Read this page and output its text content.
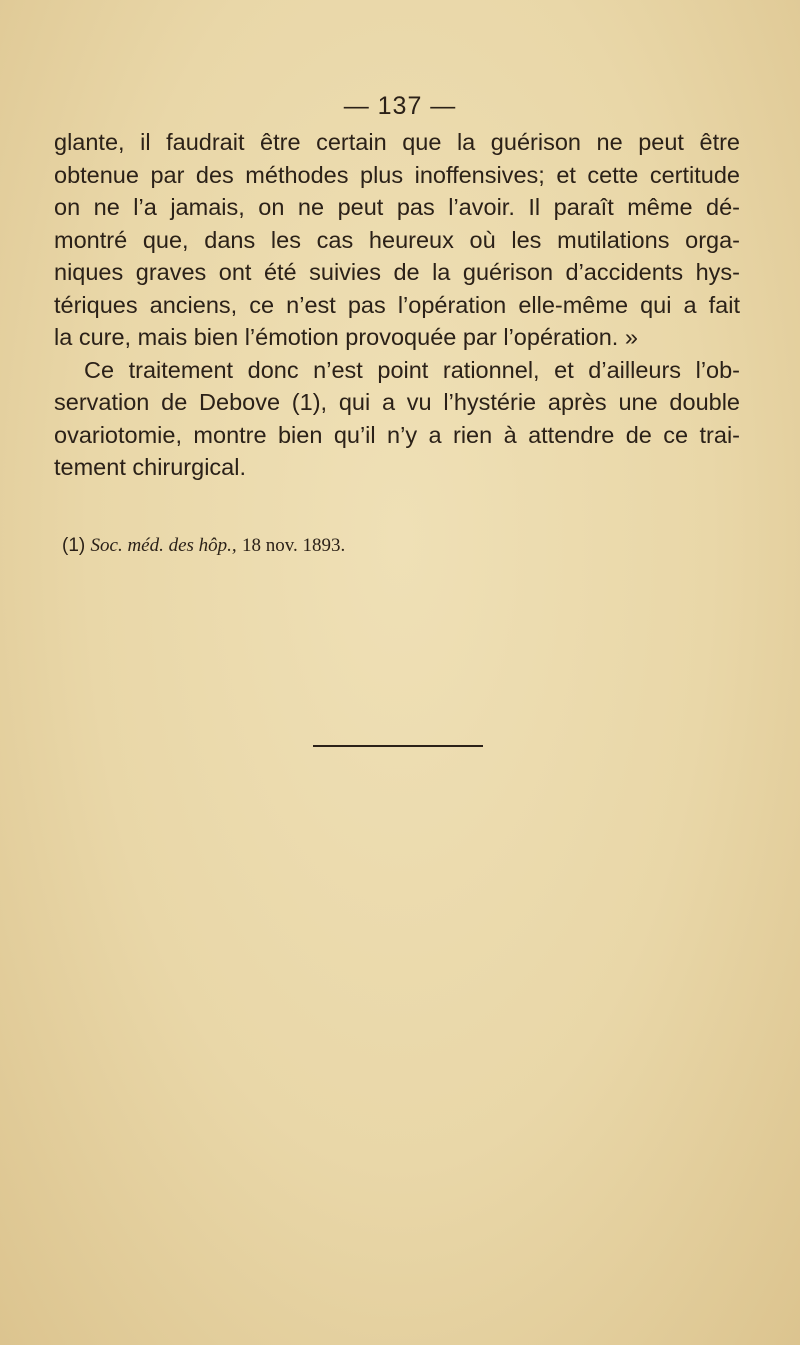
— 137 —
glante, il faudrait être certain que la guérison ne peut être
obtenue par des méthodes plus inoffensives; et cette certitude
on ne l’a jamais, on ne peut pas l’avoir. Il paraît même dé-
montré que, dans les cas heureux où les mutilations orga-
niques graves ont été suivies de la guérison d’accidents hys-
tériques anciens, ce n’est pas l’opération elle-même qui a fait
la cure, mais bien l’émotion provoquée par l’opération. »
Ce traitement donc n’est point rationnel, et d’ailleurs l’ob-
servation de Debove (1), qui a vu l’hystérie après une double
ovariotomie, montre bien qu’il n’y a rien à attendre de ce trai-
tement chirurgical.
(1) Soc. méd. des hôp., 18 nov. 1893.
